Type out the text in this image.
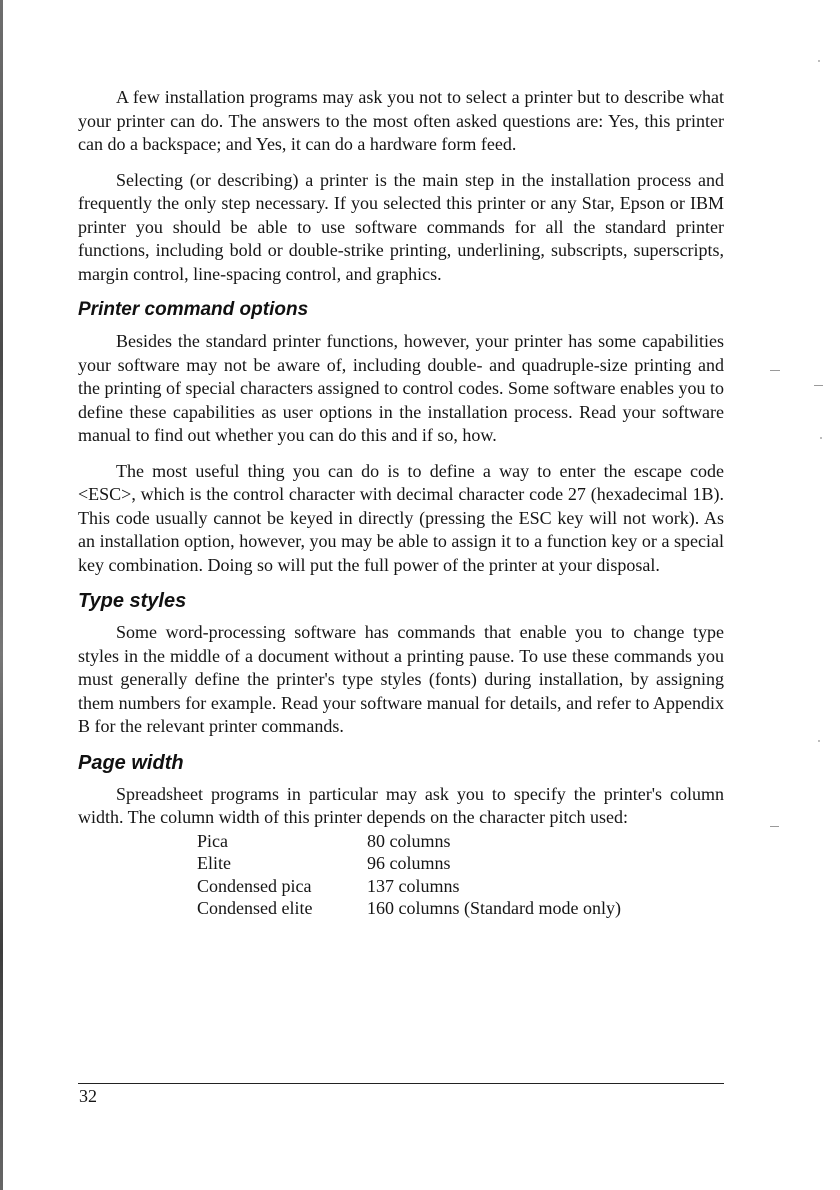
A few installation programs may ask you not to select a printer but to describe what your printer can do. The answers to the most often asked questions are: Yes, this printer can do a backspace; and Yes, it can do a hardware form feed.

Selecting (or describing) a printer is the main step in the installation process and frequently the only step necessary. If you selected this printer or any Star, Epson or IBM printer you should be able to use software commands for all the standard printer functions, including bold or double-strike printing, underlining, subscripts, superscripts, margin control, line-spacing control, and graphics.

Printer command options

Besides the standard printer functions, however, your printer has some capabilities your software may not be aware of, including double- and quadruple-size printing and the printing of special characters assigned to control codes. Some software enables you to define these capabilities as user options in the installation process. Read your software manual to find out whether you can do this and if so, how.

The most useful thing you can do is to define a way to enter the escape code <ESC>, which is the control character with decimal character code 27 (hexadecimal 1B). This code usually cannot be keyed in directly (pressing the ESC key will not work). As an installation option, however, you may be able to assign it to a function key or a special key combination. Doing so will put the full power of the printer at your disposal.

Type styles

Some word-processing software has commands that enable you to change type styles in the middle of a document without a printing pause. To use these commands you must generally define the printer's type styles (fonts) during installation, by assigning them numbers for example. Read your software manual for details, and refer to Appendix B for the relevant printer commands.

Page width

Spreadsheet programs in particular may ask you to specify the printer's column width. The column width of this printer depends on the character pitch used:

Pica	80 columns
Elite	96 columns
Condensed pica	137 columns
Condensed elite	160 columns (Standard mode only)
32
